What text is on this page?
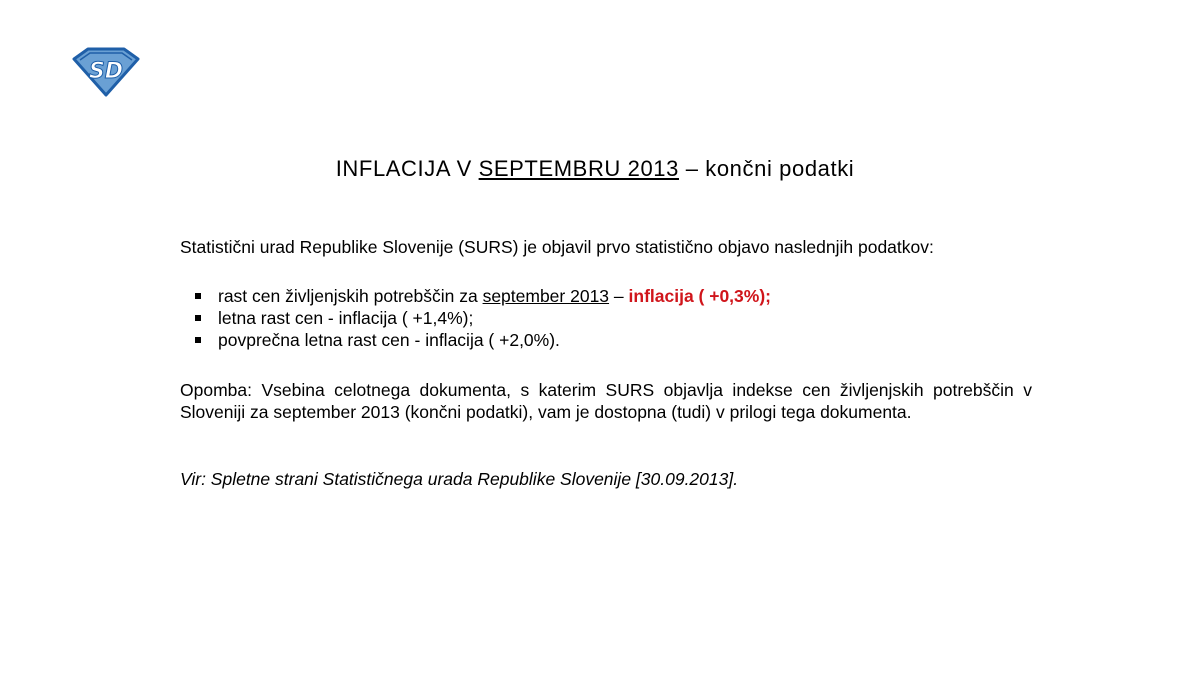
SD
INFLACIJA V SEPTEMBRU 2013 – končni podatki

Statistični urad Republike Slovenije (SURS) je objavil prvo statistično objavo naslednjih podatkov:

rast cen življenjskih potrebščin za september 2013 – inflacija ( +0,3%);
letna rast cen - inflacija ( +1,4%);
povprečna letna rast cen - inflacija ( +2,0%).

Opomba: Vsebina celotnega dokumenta, s katerim SURS objavlja indekse cen življenjskih potrebščin v Sloveniji za september 2013 (končni podatki), vam je dostopna (tudi) v prilogi tega dokumenta.

Vir: Spletne strani Statističnega urada Republike Slovenije [30.09.2013].
